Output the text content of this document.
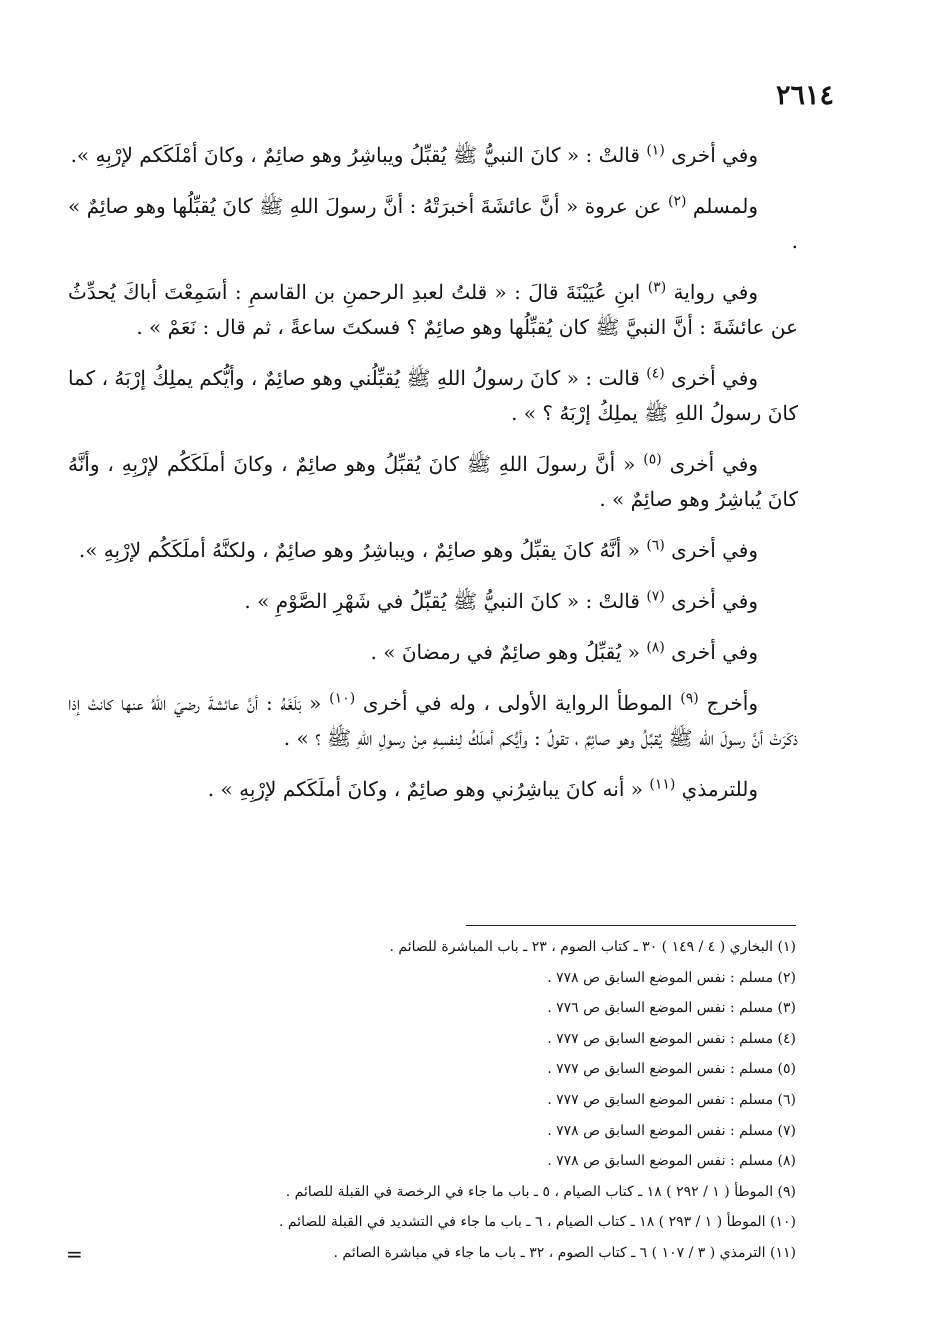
٢٦١٤

وفي أخرى $^{(١)}$ قالتْ : « كانَ النبيُّ ﷺ يُقبِّلُ ويباشِرُ وهو صائِمٌ ، وكانَ أمْلَكَكم لإرْبِهِ ».

ولمسلم $^{(٢)}$ عن عروة « أنَّ عائشَةَ أخبرَتْهُ : أنَّ رسولَ اللهِ ﷺ كانَ يُقبِّلُها وهو صائِمٌ » .

وفي رواية $^{(٣)}$ ابنِ عُيَيْنَةَ قالَ : « قلتُ لعبدِ الرحمنِ بن القاسمِ : أسَمِعْتَ أباكَ يُحدِّثُ عن عائشَةَ : أنَّ النبيَّ ﷺ كان يُقبِّلُها وهو صائِمٌ ؟ فسكتَ ساعةً ، ثم قال : نَعَمْ » .

وفي أخرى $^{(٤)}$ قالت : « كانَ رسولُ اللهِ ﷺ يُقبِّلُني وهو صائِمٌ ، وأيُّكم يملِكُ إرْبَهُ ، كما كانَ رسولُ اللهِ ﷺ يملِكُ إرْبَهُ ؟ » .

وفي أخرى $^{(٥)}$ « أنَّ رسولَ اللهِ ﷺ كانَ يُقبِّلُ وهو صائِمٌ ، وكانَ أملَكَكُم لإرْبِهِ ، وأنَّهُ كانَ يُباشِرُ وهو صائِمٌ » .

وفي أخرى $^{(٦)}$ « أنَّهُ كانَ يقبِّلُ وهو صائِمٌ ، ويباشِرُ وهو صائِمٌ ، ولكنَّهُ أملَكَكُم لإرْبِهِ ».

وفي أخرى $^{(٧)}$ قالتْ : « كانَ النبيُّ ﷺ يُقبِّلُ في شَهْرِ الصَّوْمِ » .

وفي أخرى $^{(٨)}$ « يُقبِّلُ وهو صائِمٌ في رمضانَ » .

وأخرج $^{(٩)}$ الموطأ الرواية الأولى ، وله في أخرى $^{(١٠)}$ « بَلَغَهُ : أنَّ عائشةَ رضيَ اللهُ عنها كانتْ إذا ذكَرَتْ أنَّ رسولَ الله ﷺ يُقبِّلُ وهو صائِمٌ ، تقولُ : وأيُّكم أملَكُ لِنفسِهِ مِنْ رسولِ اللهِ ﷺ ؟ » .

وللترمذي $^{(١١)}$ « أنه كانَ يباشِرُني وهو صائِمٌ ، وكانَ أملَكَكم لإرْبِهِ » .

(١) البخاري ( ٤ / ١٤٩ ) ٣٠ ـ كتاب الصوم ، ٢٣ ـ باب المباشرة للصائم .

(٢) مسلم : نفس الموضع السابق ص ٧٧٨ .

(٣) مسلم : نفس الموضع السابق ص ٧٧٦ .

(٤) مسلم : نفس الموضع السابق ص ٧٧٧ .

(٥) مسلم : نفس الموضع السابق ص ٧٧٧ .

(٦) مسلم : نفس الموضع السابق ص ٧٧٧ .

(٧) مسلم : نفس الموضع السابق ص ٧٧٨ .

(٨) مسلم : نفس الموضع السابق ص ٧٧٨ .

(٩) الموطأ ( ١ / ٢٩٢ ) ١٨ ـ كتاب الصيام ، ٥ ـ باب ما جاء في الرخصة في القبلة للصائم .

(١٠) الموطأ ( ١ / ٢٩٣ ) ١٨ ـ كتاب الصيام ، ٦ ـ باب ما جاء في التشديد في القبلة للصائم .

(١١) الترمذي ( ٣ / ١٠٧ ) ٦ ـ كتاب الصوم ، ٣٢ ـ باب ما جاء في مباشرة الصائم .

=
